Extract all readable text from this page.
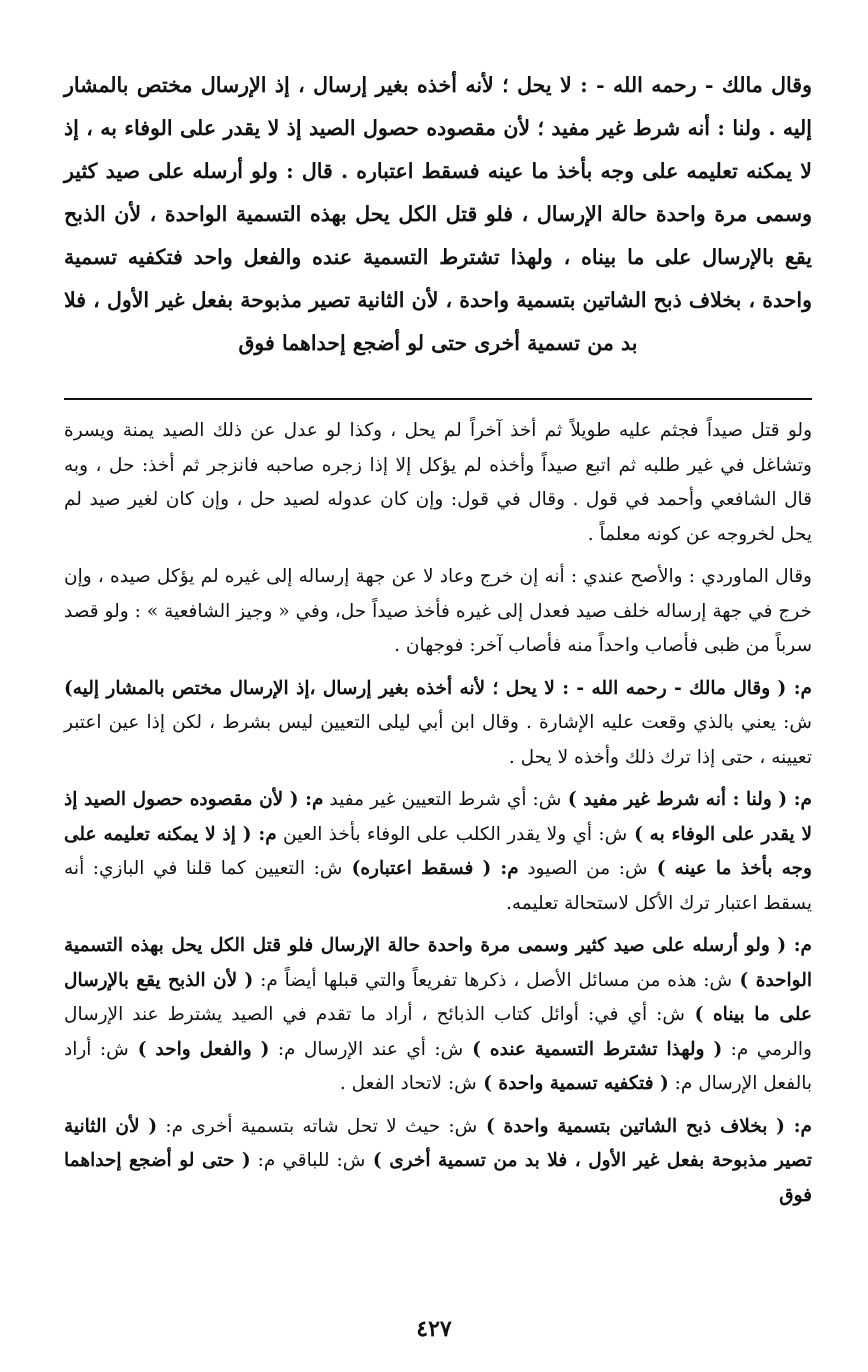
وقال مالك - رحمه الله - : لا يحل ؛ لأنه أخذه بغير إرسال ، إذ الإرسال مختص بالمشار إليه . ولنا : أنه شرط غير مفيد ؛ لأن مقصوده حصول الصيد إذ لا يقدر على الوفاء به ، إذ لا يمكنه تعليمه على وجه بأخذ ما عينه فسقط اعتباره . قال : ولو أرسله على صيد كثير وسمى مرة واحدة حالة الإرسال ، فلو قتل الكل يحل بهذه التسمية الواحدة ، لأن الذبح يقع بالإرسال على ما بيناه ، ولهذا تشترط التسمية عنده والفعل واحد فتكفيه تسمية واحدة ، بخلاف ذبح الشاتين بتسمية واحدة ، لأن الثانية تصير مذبوحة بفعل غير الأول ، فلا بد من تسمية أخرى حتى لو أضجع إحداهما فوق

ولو قتل صيداً فجثم عليه طويلاً ثم أخذ آخراً لم يحل ، وكذا لو عدل عن ذلك الصيد يمنة ويسرة وتشاغل في غير طلبه ثم اتبع صيداً وأخذه لم يؤكل إلا إذا زجره صاحبه فانزجر ثم أخذ: حل ، وبه قال الشافعي وأحمد في قول . وقال في قول: وإن كان عدوله لصيد حل ، وإن كان لغير صيد لم يحل لخروجه عن كونه معلماً .

وقال الماوردي : والأصح عندي : أنه إن خرج وعاد لا عن جهة إرساله إلى غيره لم يؤكل صيده ، وإن خرج في جهة إرساله خلف صيد فعدل إلى غيره فأخذ صيداً حل، وفي « وجيز الشافعية » : ولو قصد سرباً من ظبى فأصاب واحداً منه فأصاب آخر: فوجهان .

م: ( وقال مالك - رحمه الله - : لا يحل ؛ لأنه أخذه بغير إرسال ،إذ الإرسال مختص بالمشار إليه) ش: يعني بالذي وقعت عليه الإشارة . وقال ابن أبي ليلى التعيين ليس بشرط ، لكن إذا عين اعتبر تعيينه ، حتى إذا ترك ذلك وأخذه لا يحل .

م: ( ولنا : أنه شرط غير مفيد ) ش: أي شرط التعيين غير مفيد م: ( لأن مقصوده حصول الصيد إذ لا يقدر على الوفاء به ) ش: أي ولا يقدر الكلب على الوفاء بأخذ العين م: ( إذ لا يمكنه تعليمه على وجه بأخذ ما عينه ) ش: من الصيود م: ( فسقط اعتباره) ش: التعيين كما قلنا في البازي: أنه يسقط اعتبار ترك الأكل لاستحالة تعليمه.

م: ( ولو أرسله على صيد كثير وسمى مرة واحدة حالة الإرسال فلو قتل الكل يحل بهذه التسمية الواحدة ) ش: هذه من مسائل الأصل ، ذكرها تفريعاً والتي قبلها أيضاً م: ( لأن الذبح يقع بالإرسال على ما بيناه ) ش: أي في: أوائل كتاب الذبائح ، أراد ما تقدم في الصيد يشترط عند الإرسال والرمي م: ( ولهذا تشترط التسمية عنده ) ش: أي عند الإرسال م: ( والفعل واحد ) ش: أراد بالفعل الإرسال م: ( فتكفيه تسمية واحدة ) ش: لاتحاد الفعل .

م: ( بخلاف ذبح الشاتين بتسمية واحدة ) ش: حيث لا تحل شاته بتسمية أخرى م: ( لأن الثانية تصير مذبوحة بفعل غير الأول ، فلا بد من تسمية أخرى ) ش: للباقي م: ( حتى لو أضجع إحداهما فوق

٤٢٧
